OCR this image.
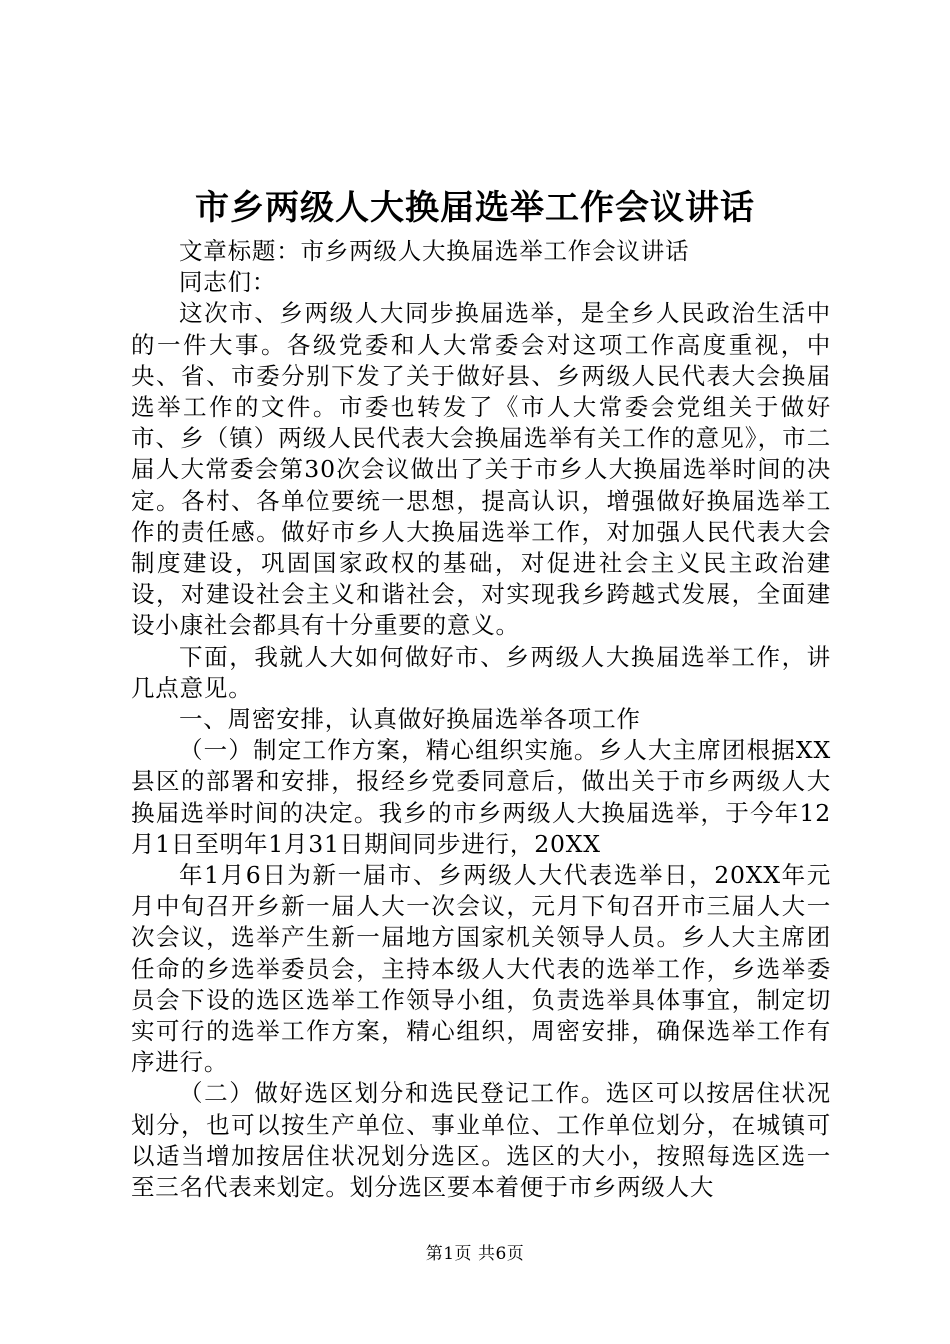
市乡两级人大换届选举工作会议讲话

文章标题：市乡两级人大换届选举工作会议讲话

同志们：

这次市、乡两级人大同步换届选举，是全乡人民政治生活中的一件大事。各级党委和人大常委会对这项工作高度重视，中央、省、市委分别下发了关于做好县、乡两级人民代表大会换届选举工作的文件。市委也转发了《市人大常委会党组关于做好市、乡（镇）两级人民代表大会换届选举有关工作的意见》，市二届人大常委会第30次会议做出了关于市乡人大换届选举时间的决定。各村、各单位要统一思想，提高认识，增强做好换届选举工作的责任感。做好市乡人大换届选举工作，对加强人民代表大会制度建设，巩固国家政权的基础，对促进社会主义民主政治建设，对建设社会主义和谐社会，对实现我乡跨越式发展，全面建设小康社会都具有十分重要的意义。

下面，我就人大如何做好市、乡两级人大换届选举工作，讲几点意见。

一、周密安排，认真做好换届选举各项工作

（一）制定工作方案，精心组织实施。乡人大主席团根据XX县区的部署和安排，报经乡党委同意后，做出关于市乡两级人大换届选举时间的决定。我乡的市乡两级人大换届选举，于今年12月1日至明年1月31日期间同步进行，20XX

年1月6日为新一届市、乡两级人大代表选举日，20XX年元月中旬召开乡新一届人大一次会议，元月下旬召开市三届人大一次会议，选举产生新一届地方国家机关领导人员。乡人大主席团任命的乡选举委员会，主持本级人大代表的选举工作，乡选举委员会下设的选区选举工作领导小组，负责选举具体事宜，制定切实可行的选举工作方案，精心组织，周密安排，确保选举工作有序进行。

（二）做好选区划分和选民登记工作。选区可以按居住状况划分，也可以按生产单位、事业单位、工作单位划分，在城镇可以适当增加按居住状况划分选区。选区的大小，按照每选区选一至三名代表来划定。划分选区要本着便于市乡两级人大

第1页 共6页
